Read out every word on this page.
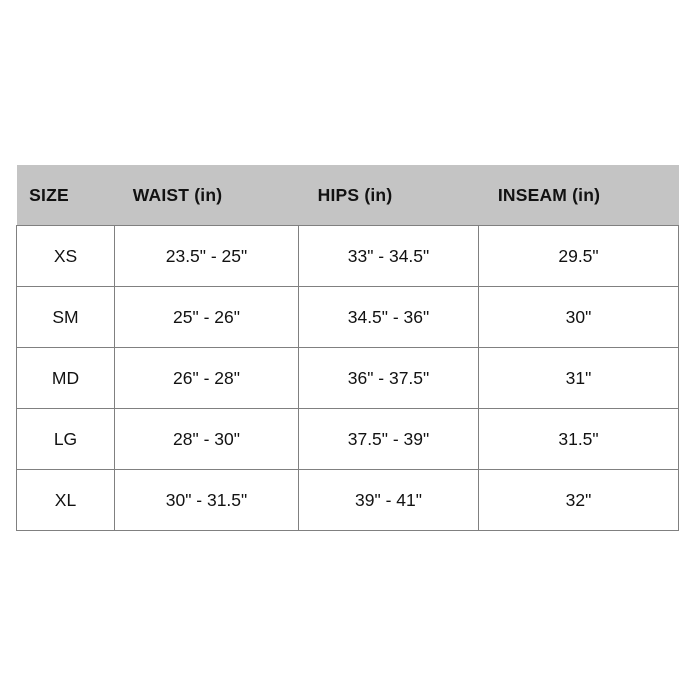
SIZE	WAIST (in)	HIPS (in)	INSEAM (in)
XS	23.5" - 25"	33" - 34.5"	29.5"
SM	25" - 26"	34.5" - 36"	30"
MD	26" - 28"	36" - 37.5"	31"
LG	28" - 30"	37.5" - 39"	31.5"
XL	30" - 31.5"	39" - 41"	32"
